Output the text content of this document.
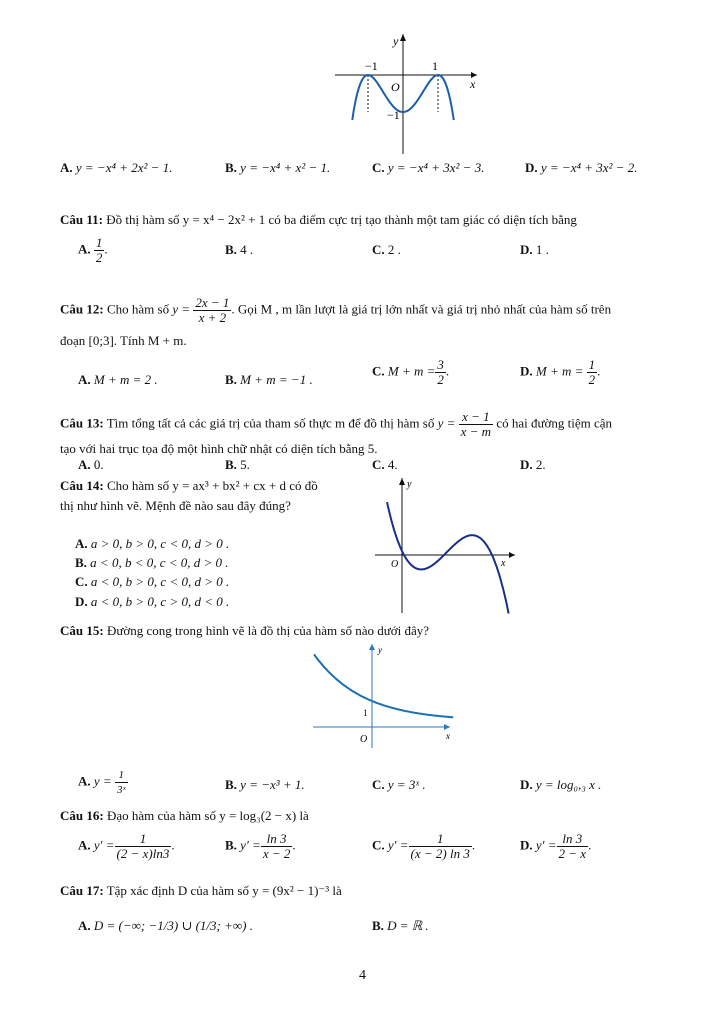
y
x
O
−1	1
−1
A. y = −x⁴ + 2x² − 1.	B. y = −x⁴ + x² − 1.	C. y = −x⁴ + 3x² − 3.	D. y = −x⁴ + 3x² − 2.
Câu 11: Đồ thị hàm số y = x⁴ − 2x² + 1 có ba điểm cực trị tạo thành một tam giác có diện tích bằng
A. $\frac{1}{2}$ .	B. 4 .	C. 2 .	D. 1 .
Câu 12: Cho hàm số $y = \frac{2x - 1}{x + 2}$ . Gọi M , m lần lượt là giá trị lớn nhất và giá trị nhỏ nhất của hàm số trên
đoạn [0;3]. Tính M + m.
A. M + m = 2 .	B. M + m = −1 .
C. $M + m = \frac{3}{2}$ .	D. $M + m = \frac{1}{2}$ .
Câu 13: Tìm tổng tất cả các giá trị của tham số thực m để đồ thị hàm số $y = \frac{x - 1}{x - m}$ có hai đường tiệm cận
tạo với hai trục tọa độ một hình chữ nhật có diện tích bằng 5.
A. 0.	B. 5.	C. 4.	D. 2.
Câu 14: Cho hàm số y = ax³ + bx² + cx + d có đồ
thị như hình vẽ. Mệnh đề nào sau đây đúng?
A. a > 0, b > 0, c < 0, d > 0 .
B. a < 0, b < 0, c < 0, d > 0 .
C. a < 0, b > 0, c < 0, d > 0 .
D. a < 0, b > 0, c > 0, d < 0 .
y
x
O
Câu 15: Đường cong trong hình vẽ là đồ thị của hàm số nào dưới đây?
y
x
O
1
A. $y = \frac{1}{\text{3ˣ}}$	B. y = −x³ + 1.	C. y = 3ˣ .	D. y = log₀,₃ x .
Câu 16: Đạo hàm của hàm số y = log₃(2 − x) là
A. $y' = \frac{1}{(2 - x)\ln 3}$ .	B. $y' = \frac{\ln 3}{x - 2}$ .	C. $y' = \frac{1}{(x - 2) \ln 3}$ .	D. $y' = \frac{\ln 3}{2 - x}$ .
Câu 17: Tập xác định D của hàm số y = (9x² − 1)⁻³ là
A. D = (−∞; −1/3) ∪ (1/3; +∞) .	B. D = ℝ .
4
